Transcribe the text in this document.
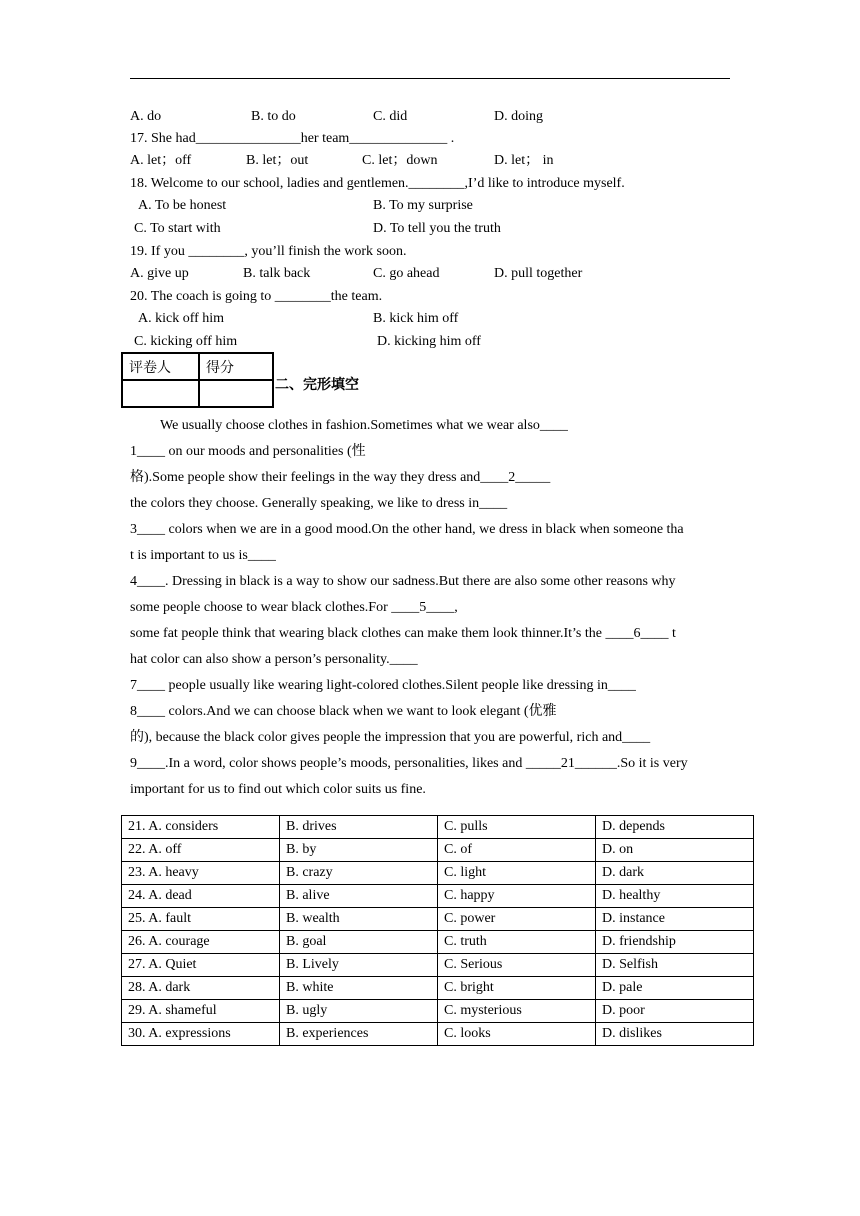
A. do	B. to do	C. did	D. doing
17. She had_______________her team______________ .
A. let；off	B. let；out	C. let；down	D. let； in
18. Welcome to our school, ladies and gentlemen.________,I’d like to introduce myself.
A. To be honest	B. To my surprise
C. To start with	D. To tell you the truth
19. If you ________, you’ll finish the work soon.
A. give up	B. talk back	C. go ahead	D. pull together
20. The coach is going to ________the team.
A. kick off him	B. kick him off
C. kicking off him	D. kicking him off
评卷人	得分

二、完形填空
We usually choose clothes in fashion.Sometimes what we wear also____
1____ on our moods and personalities (性
格).Some people show their feelings in the way they dress and____2_____
the colors they choose. Generally speaking, we like to dress in____
3____ colors when we are in a good mood.On the other hand, we dress in black when someone tha
t is important to us is____
4____. Dressing in black is a way to show our sadness.But there are also some other reasons why
some people choose to wear black clothes.For ____5____,
some fat people think that wearing black clothes can make them look thinner.It’s the ____6____ t
hat color can also show a person’s personality.____
7____ people usually like wearing light-colored clothes.Silent people like dressing in____
8____ colors.And we can choose black when we want to look elegant (优雅
的), because the black color gives people the impression that you are powerful, rich and____
9____.In a word, color shows people’s moods, personalities, likes and _____21______.So it is very
important for us to find out which color suits us fine.
21. A. considers	B. drives	C. pulls	D. depends
22. A. off	B. by	C. of	D. on
23. A. heavy	B. crazy	C. light	D. dark
24. A. dead	B. alive	C. happy	D. healthy
25. A. fault	B. wealth	C. power	D. instance
26. A. courage	B. goal	C. truth	D. friendship
27. A. Quiet	B. Lively	C. Serious	D. Selfish
28. A. dark	B. white	C. bright	D. pale
29. A. shameful	B. ugly	C. mysterious	D. poor
30. A. expressions	B. experiences	C. looks	D. dislikes
